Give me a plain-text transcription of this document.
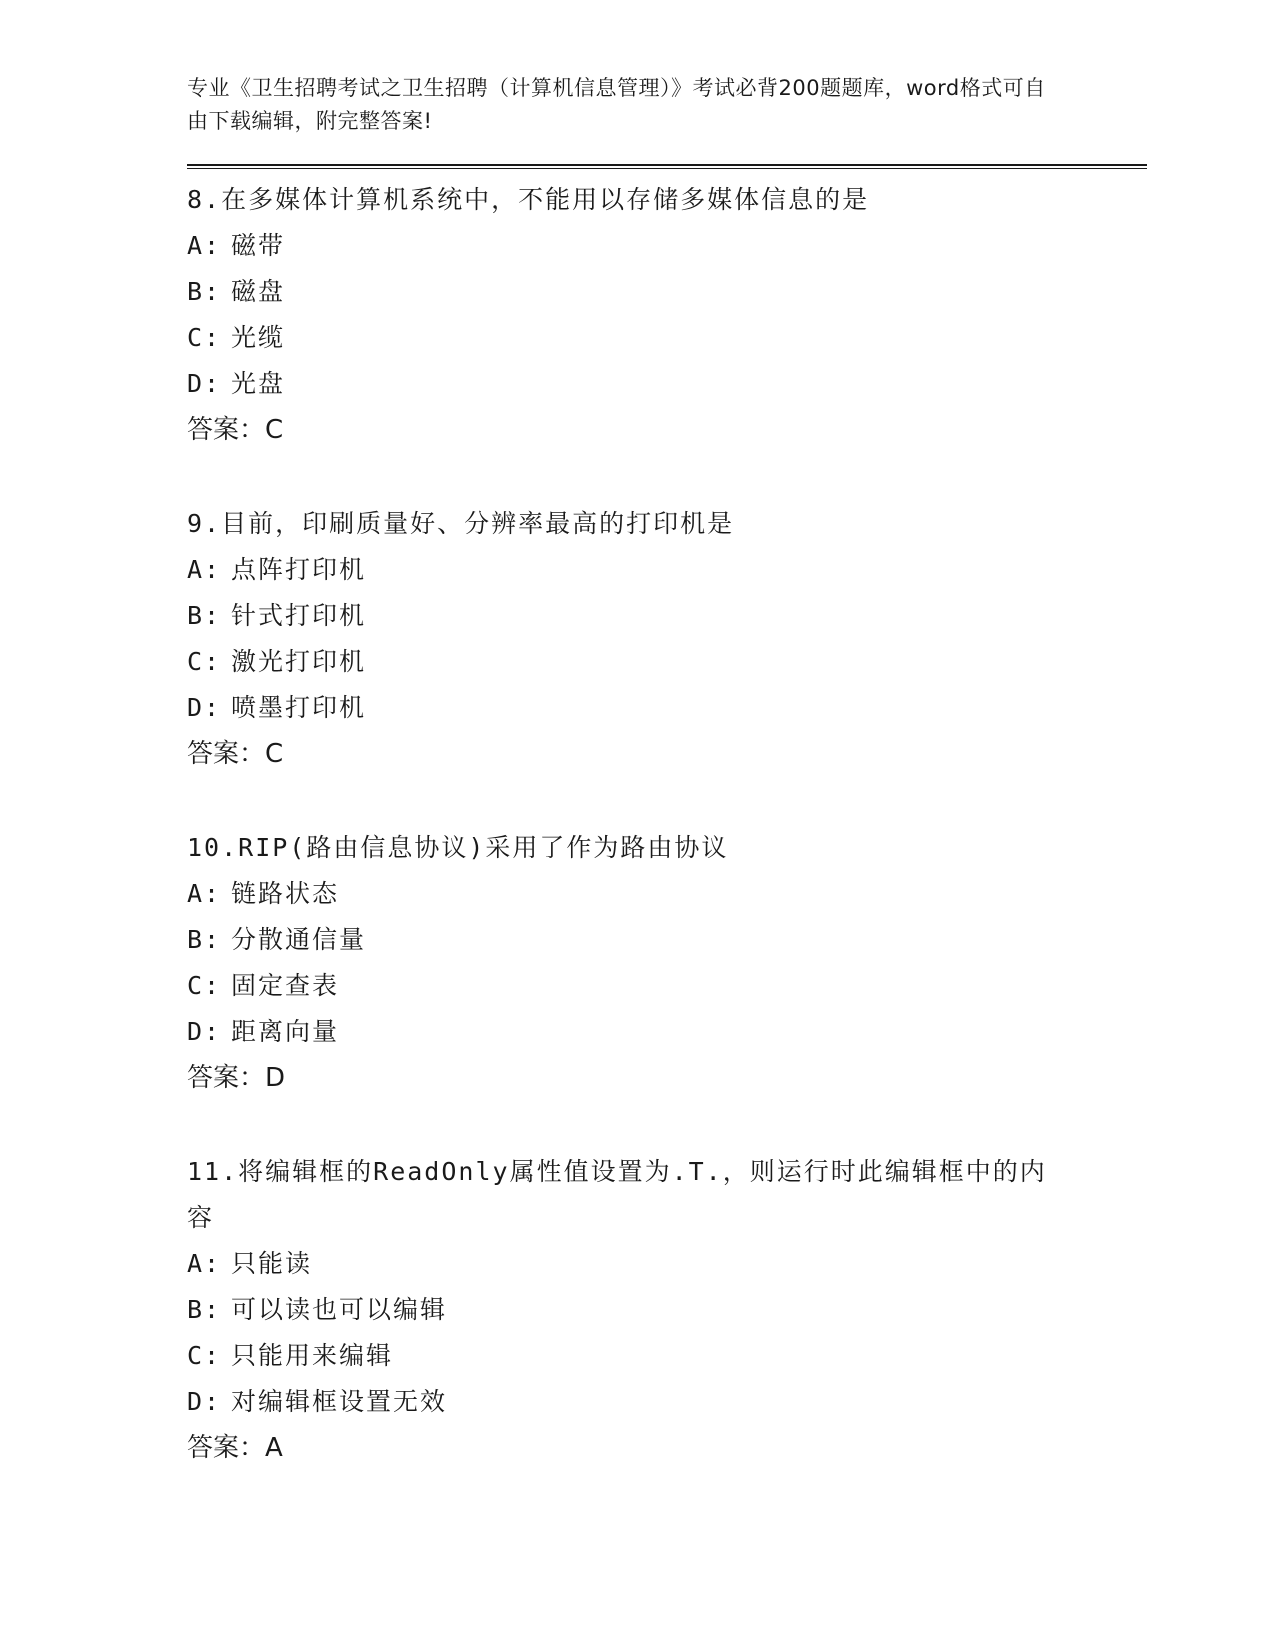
专业《卫生招聘考试之卫生招聘（计算机信息管理）》考试必背200题题库，word格式可自由下载编辑，附完整答案!
8.在多媒体计算机系统中，不能用以存储多媒体信息的是
A: 磁带
B: 磁盘
C: 光缆
D: 光盘
答案：C
9.目前，印刷质量好、分辨率最高的打印机是
A: 点阵打印机
B: 针式打印机
C: 激光打印机
D: 喷墨打印机
答案：C
10.RIP(路由信息协议)采用了作为路由协议
A: 链路状态
B: 分散通信量
C: 固定查表
D: 距离向量
答案：D
11.将编辑框的ReadOnly属性值设置为.T.，则运行时此编辑框中的内容
A: 只能读
B: 可以读也可以编辑
C: 只能用来编辑
D: 对编辑框设置无效
答案：A
